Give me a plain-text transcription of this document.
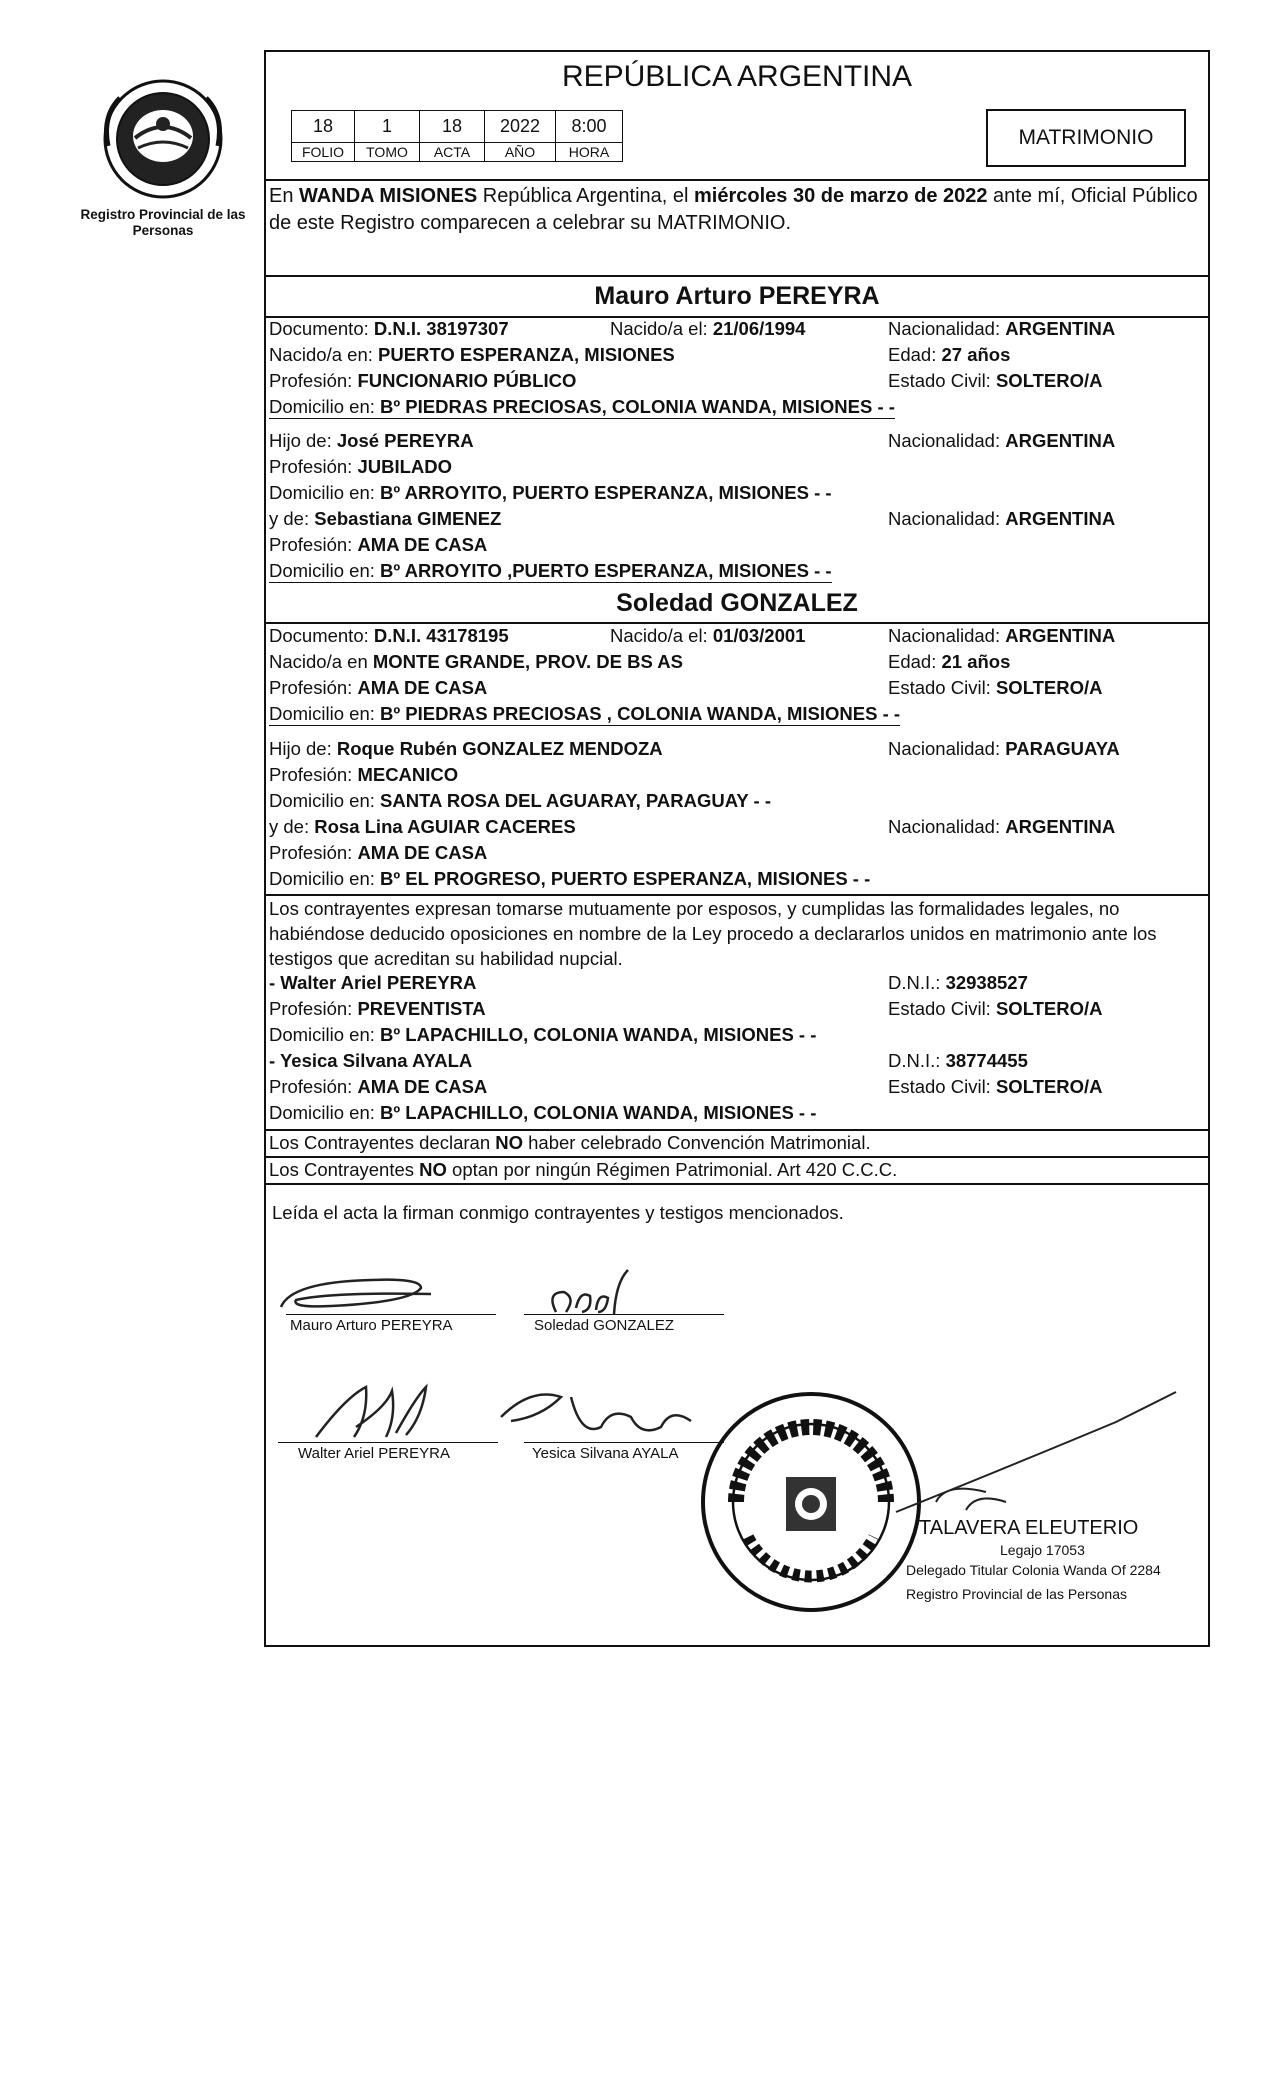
Registro Provincial de las Personas
REPÚBLICA ARGENTINA
18	1	18	2022	8:00
FOLIO	TOMO	ACTA	AÑO	HORA
MATRIMONIO
En WANDA MISIONES República Argentina, el miércoles 30 de marzo de 2022 ante mí, Oficial Público de este Registro comparecen a celebrar su MATRIMONIO.
Mauro Arturo PEREYRA
Documento: D.N.I. 38197307	Nacido/a el: 21/06/1994	Nacionalidad: ARGENTINA
Nacido/a en: PUERTO ESPERANZA, MISIONES	Edad: 27 años
Profesión: FUNCIONARIO PÚBLICO	Estado Civil: SOLTERO/A
Domicilio en: Bº PIEDRAS PRECIOSAS, COLONIA WANDA, MISIONES - -
Hijo de: José PEREYRA	Nacionalidad: ARGENTINA
Profesión: JUBILADO
Domicilio en: Bº ARROYITO, PUERTO ESPERANZA, MISIONES - -
y de: Sebastiana GIMENEZ	Nacionalidad: ARGENTINA
Profesión: AMA DE CASA
Domicilio en: Bº ARROYITO ,PUERTO ESPERANZA, MISIONES - -
Soledad GONZALEZ
Documento: D.N.I. 43178195	Nacido/a el: 01/03/2001	Nacionalidad: ARGENTINA
Nacido/a en MONTE GRANDE, PROV. DE BS AS	Edad: 21 años
Profesión: AMA DE CASA	Estado Civil: SOLTERO/A
Domicilio en: Bº PIEDRAS PRECIOSAS , COLONIA WANDA, MISIONES - -
Hijo de: Roque Rubén GONZALEZ MENDOZA	Nacionalidad: PARAGUAYA
Profesión: MECANICO
Domicilio en: SANTA ROSA DEL AGUARAY, PARAGUAY - -
y de: Rosa Lina AGUIAR CACERES	Nacionalidad: ARGENTINA
Profesión: AMA DE CASA
Domicilio en: Bº EL PROGRESO, PUERTO ESPERANZA, MISIONES - -
Los contrayentes expresan tomarse mutuamente por esposos, y cumplidas las formalidades legales, no habiéndose deducido oposiciones en nombre de la Ley procedo a declararlos unidos en matrimonio ante los testigos que acreditan su habilidad nupcial.
- Walter Ariel PEREYRA	D.N.I.: 32938527
Profesión: PREVENTISTA	Estado Civil: SOLTERO/A
Domicilio en: Bº LAPACHILLO, COLONIA WANDA, MISIONES - -
- Yesica Silvana AYALA	D.N.I.: 38774455
Profesión: AMA DE CASA	Estado Civil: SOLTERO/A
Domicilio en: Bº LAPACHILLO, COLONIA WANDA, MISIONES - -
Los Contrayentes declaran NO haber celebrado Convención Matrimonial.
Los Contrayentes NO optan por ningún Régimen Patrimonial. Art 420 C.C.C.
Leída el acta la firman conmigo contrayentes y testigos mencionados.
Mauro Arturo PEREYRA	Soledad GONZALEZ
Walter Ariel PEREYRA	Yesica Silvana AYALA
TALAVERA ELEUTERIO
Legajo 17053
Delegado Titular Colonia Wanda Of 2284
Registro Provincial de las Personas
